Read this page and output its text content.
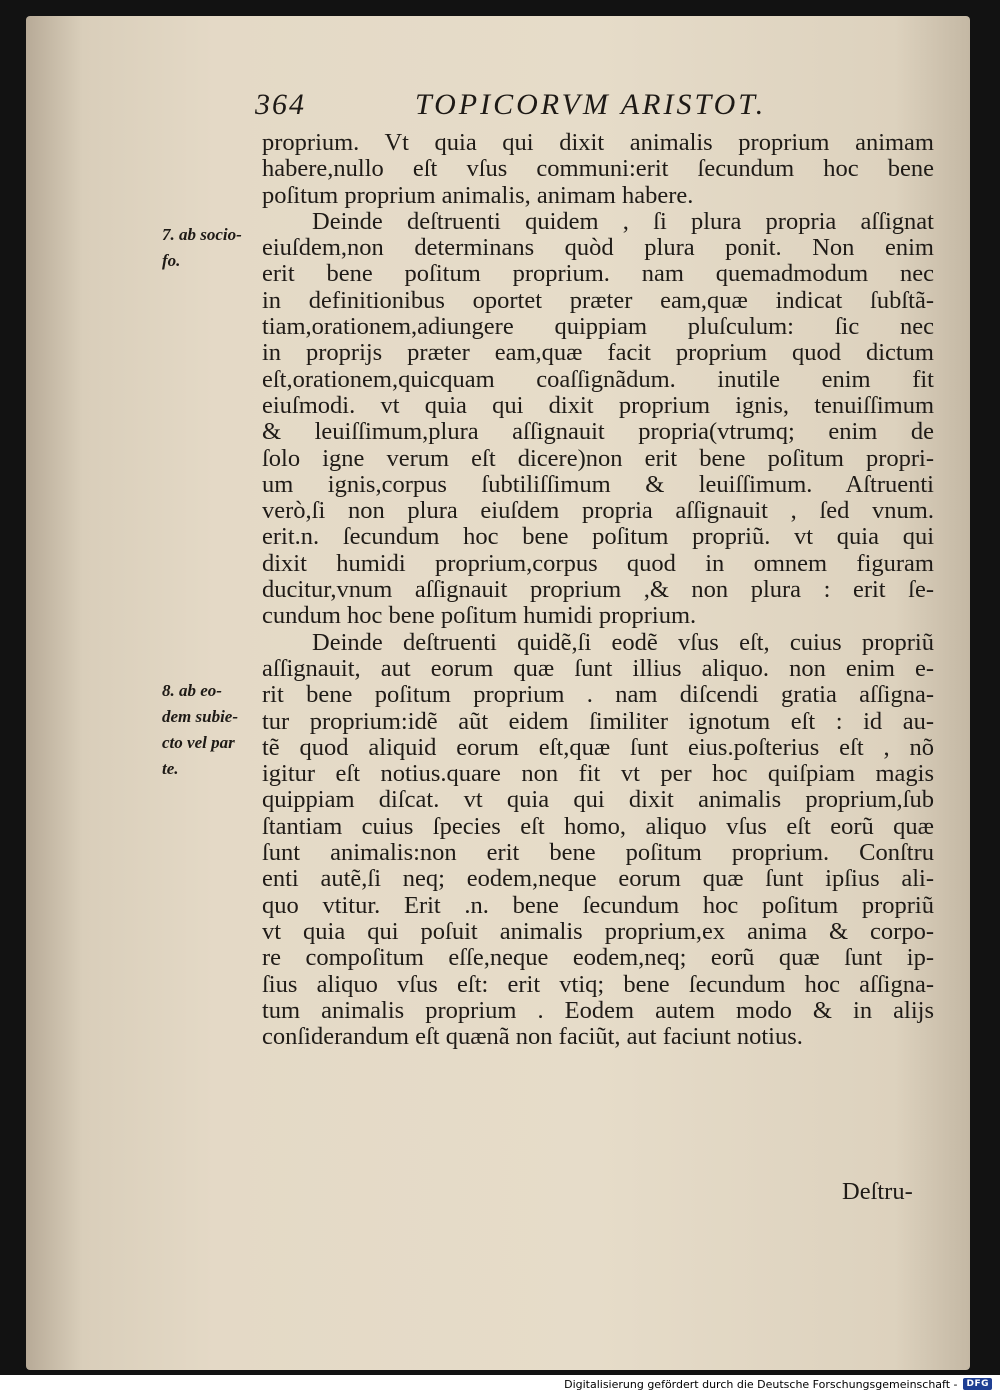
364	TOPICORVM ARISTOT.
7. ab socio-
fo.
8. ab eo-
dem subie-
cto vel par
te.
proprium. Vt quia qui dixit animalis proprium animam
habere,nullo eſt vſus communi:erit ſecundum hoc bene
poſitum proprium animalis, animam habere.
Deinde deſtruenti quidem , ſi plura propria aſſignat
eiuſdem,non determinans quòd plura ponit. Non enim
erit bene poſitum proprium. nam quemadmodum nec
in definitionibus oportet præter eam,quæ indicat ſubſtã-
tiam,orationem,adiungere quippiam pluſculum: ſic nec
in proprijs præter eam,quæ facit proprium quod dictum
eſt,orationem,quicquam coaſſignãdum. inutile enim fit
eiuſmodi. vt quia qui dixit proprium ignis, tenuiſſimum
& leuiſſimum,plura aſſignauit propria(vtrumq; enim de
ſolo igne verum eſt dicere)non erit bene poſitum propri-
um ignis,corpus ſubtiliſſimum & leuiſſimum. Aſtruenti
verò,ſi non plura eiuſdem propria aſſignauit , ſed vnum.
erit.n. ſecundum hoc bene poſitum propriũ. vt quia qui
dixit humidi proprium,corpus quod in omnem figuram
ducitur,vnum aſſignauit proprium ,& non plura : erit ſe-
cundum hoc bene poſitum humidi proprium.
Deinde deſtruenti quidẽ,ſi eodẽ vſus eſt, cuius propriũ
aſſignauit, aut eorum quæ ſunt illius aliquo. non enim e-
rit bene poſitum proprium . nam diſcendi gratia aſſigna-
tur proprium:idẽ aũt eidem ſimiliter ignotum eſt : id au-
tẽ quod aliquid eorum eſt,quæ ſunt eius.poſterius eſt , nõ
igitur eſt notius.quare non fit vt per hoc quiſpiam magis
quippiam diſcat. vt quia qui dixit animalis proprium,ſub
ſtantiam cuius ſpecies eſt homo, aliquo vſus eſt eorũ quæ
ſunt animalis:non erit bene poſitum proprium. Conſtru
enti autẽ,ſi neq; eodem,neque eorum quæ ſunt ipſius ali-
quo vtitur. Erit .n. bene ſecundum hoc poſitum propriũ
vt quia qui poſuit animalis proprium,ex anima & corpo-
re compoſitum eſſe,neque eodem,neq; eorũ quæ ſunt ip-
ſius aliquo vſus eſt: erit vtiq; bene ſecundum hoc aſſigna-
tum animalis proprium . Eodem autem modo & in alijs
conſiderandum eſt quænã non faciũt, aut faciunt notius.
Deſtru-
Digitalisierung gefördert durch die Deutsche Forschungsgemeinschaft -	DFG
